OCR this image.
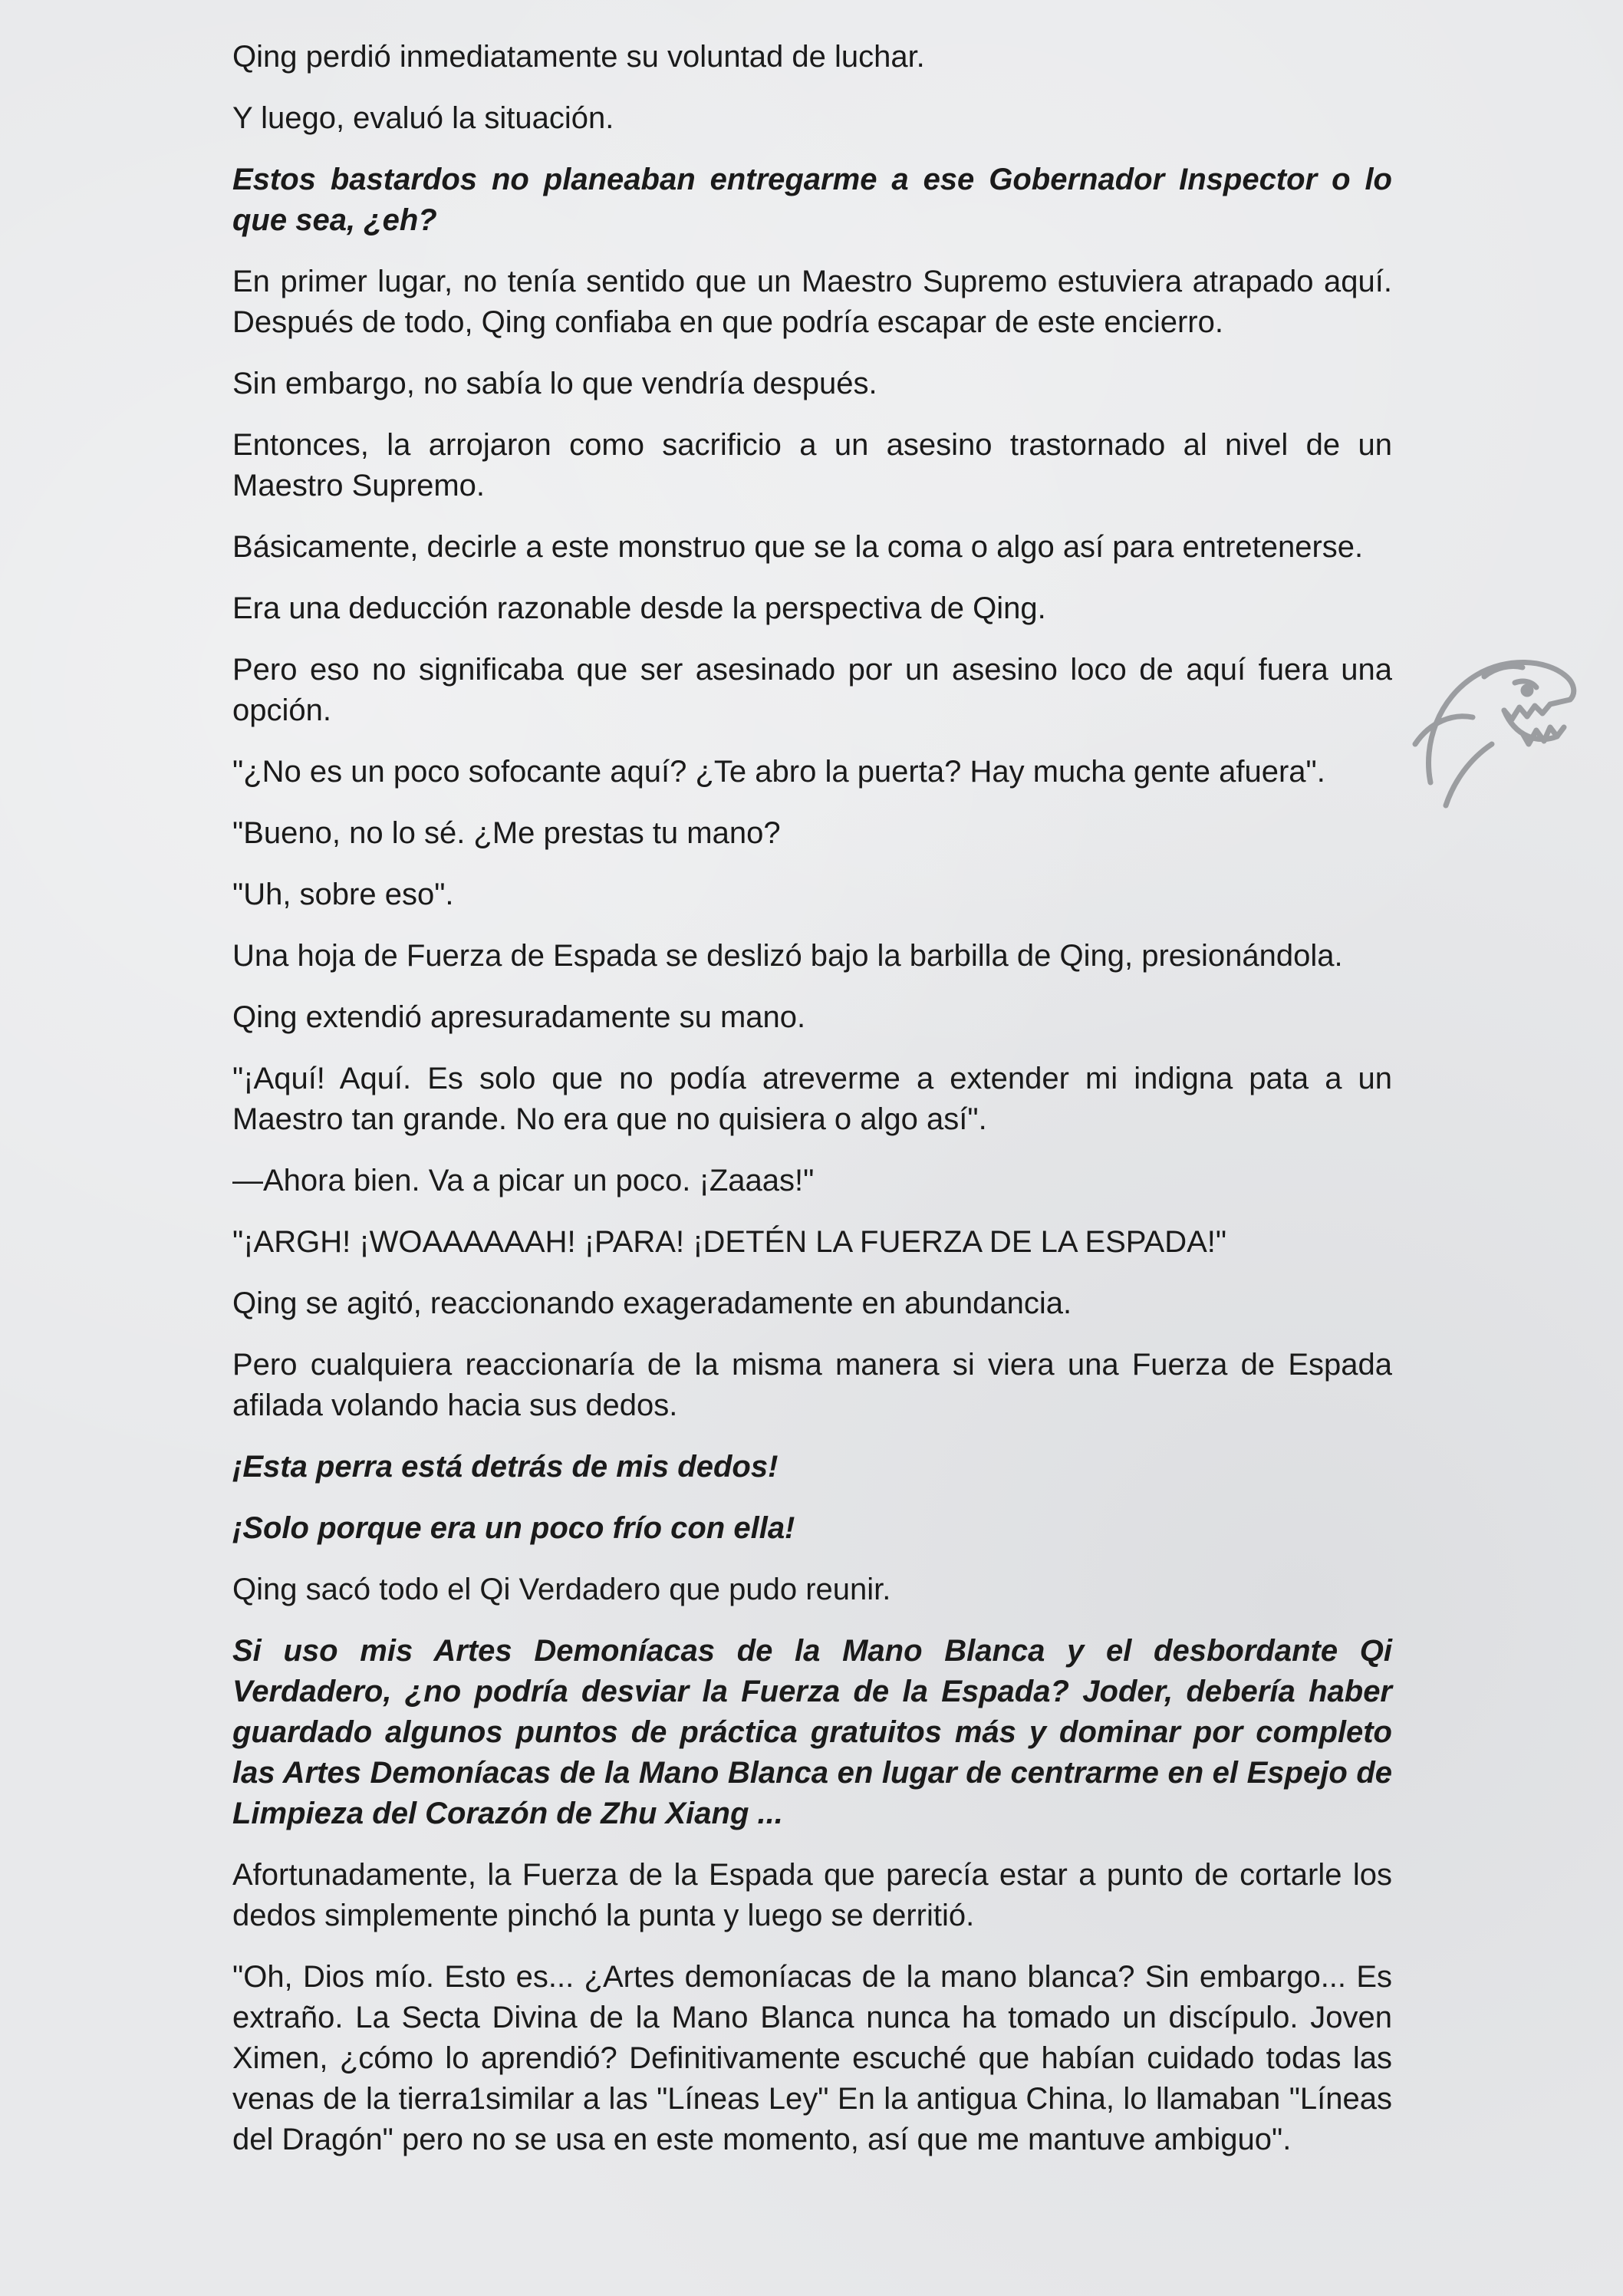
Qing perdió inmediatamente su voluntad de luchar.

Y luego, evaluó la situación.

Estos bastardos no planeaban entregarme a ese Gobernador Inspector o lo que sea, ¿eh?

En primer lugar, no tenía sentido que un Maestro Supremo estuviera atrapado aquí. Después de todo, Qing confiaba en que podría escapar de este encierro.

Sin embargo, no sabía lo que vendría después.

Entonces, la arrojaron como sacrificio a un asesino trastornado al nivel de un Maestro Supremo.

Básicamente, decirle a este monstruo que se la coma o algo así para entretenerse.

Era una deducción razonable desde la perspectiva de Qing.

Pero eso no significaba que ser asesinado por un asesino loco de aquí fuera una opción.

"¿No es un poco sofocante aquí? ¿Te abro la puerta? Hay mucha gente afuera".

"Bueno, no lo sé. ¿Me prestas tu mano?

"Uh, sobre eso".

Una hoja de Fuerza de Espada se deslizó bajo la barbilla de Qing, presionándola.

Qing extendió apresuradamente su mano.

"¡Aquí! Aquí. Es solo que no podía atreverme a extender mi indigna pata a un Maestro tan grande. No era que no quisiera o algo así".

—Ahora bien. Va a picar un poco. ¡Zaaas!"

"¡ARGH! ¡WOAAAAAAH! ¡PARA! ¡DETÉN LA FUERZA DE LA ESPADA!"

Qing se agitó, reaccionando exageradamente en abundancia.

Pero cualquiera reaccionaría de la misma manera si viera una Fuerza de Espada afilada volando hacia sus dedos.

¡Esta perra está detrás de mis dedos!

¡Solo porque era un poco frío con ella!

Qing sacó todo el Qi Verdadero que pudo reunir.

Si uso mis Artes Demoníacas de la Mano Blanca y el desbordante Qi Verdadero, ¿no podría desviar la Fuerza de la Espada? Joder, debería haber guardado algunos puntos de práctica gratuitos más y dominar por completo las Artes Demoníacas de la Mano Blanca en lugar de centrarme en el Espejo de Limpieza del Corazón de Zhu Xiang ...

Afortunadamente, la Fuerza de la Espada que parecía estar a punto de cortarle los dedos simplemente pinchó la punta y luego se derritió.

"Oh, Dios mío. Esto es... ¿Artes demoníacas de la mano blanca? Sin embargo... Es extraño. La Secta Divina de la Mano Blanca nunca ha tomado un discípulo. Joven Ximen, ¿cómo lo aprendió? Definitivamente escuché que habían cuidado todas las venas de la tierra1similar a las "Líneas Ley" En la antigua China, lo llamaban "Líneas del Dragón" pero no se usa en este momento, así que me mantuve ambiguo".
